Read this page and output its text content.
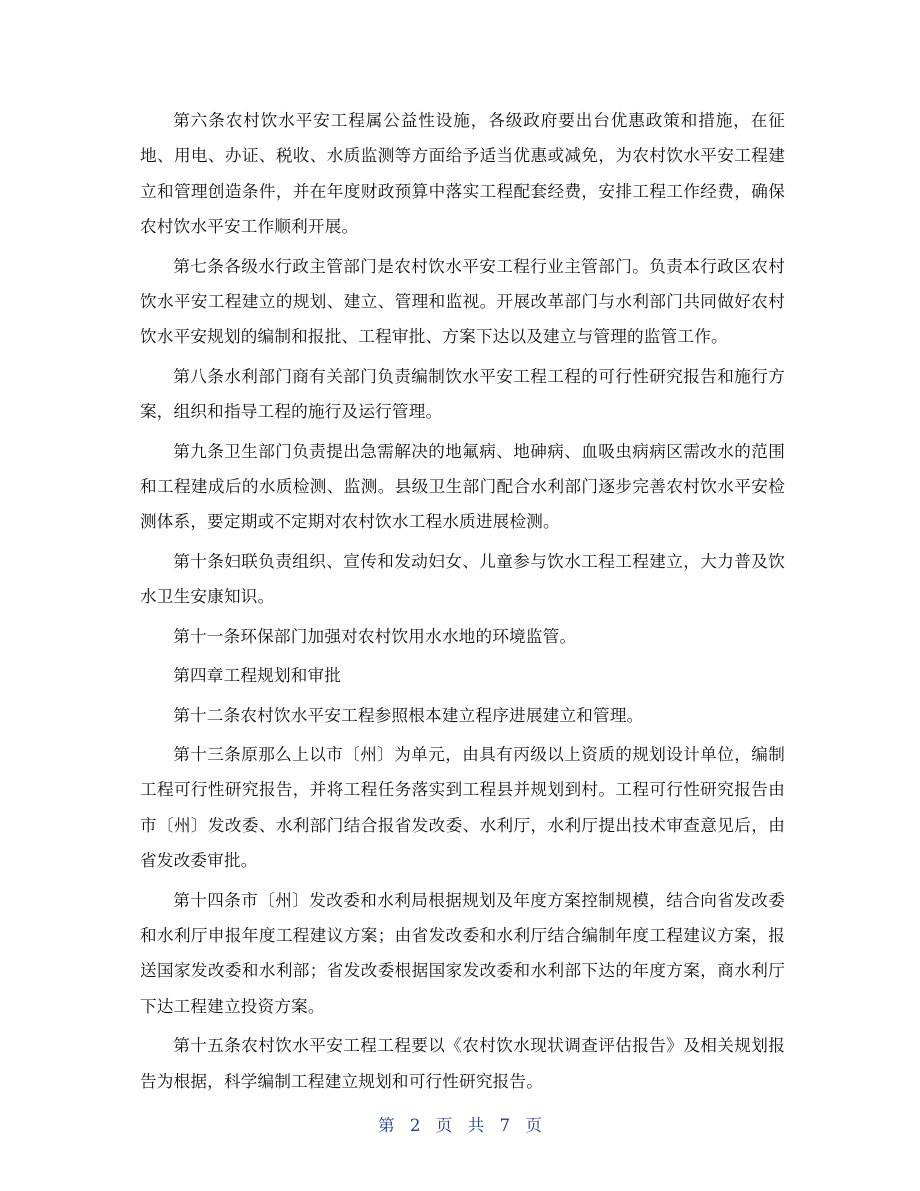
第六条农村饮水平安工程属公益性设施，各级政府要出台优惠政策和措施，在征地、用电、办证、税收、水质监测等方面给予适当优惠或减免，为农村饮水平安工程建立和管理创造条件，并在年度财政预算中落实工程配套经费，安排工程工作经费，确保农村饮水平安工作顺利开展。

第七条各级水行政主管部门是农村饮水平安工程行业主管部门。负责本行政区农村饮水平安工程建立的规划、建立、管理和监视。开展改革部门与水利部门共同做好农村饮水平安规划的编制和报批、工程审批、方案下达以及建立与管理的监管工作。

第八条水利部门商有关部门负责编制饮水平安工程工程的可行性研究报告和施行方案，组织和指导工程的施行及运行管理。

第九条卫生部门负责提出急需解决的地氟病、地砷病、血吸虫病病区需改水的范围和工程建成后的水质检测、监测。县级卫生部门配合水利部门逐步完善农村饮水平安检测体系，要定期或不定期对农村饮水工程水质进展检测。

第十条妇联负责组织、宣传和发动妇女、儿童参与饮水工程工程建立，大力普及饮水卫生安康知识。

第十一条环保部门加强对农村饮用水水地的环境监管。

第四章工程规划和审批

第十二条农村饮水平安工程参照根本建立程序进展建立和管理。

第十三条原那么上以市〔州〕为单元，由具有丙级以上资质的规划设计单位，编制工程可行性研究报告，并将工程任务落实到工程县并规划到村。工程可行性研究报告由市〔州〕发改委、水利部门结合报省发改委、水利厅，水利厅提出技术审查意见后，由省发改委审批。

第十四条市〔州〕发改委和水利局根据规划及年度方案控制规模，结合向省发改委和水利厅申报年度工程建议方案；由省发改委和水利厅结合编制年度工程建议方案，报送国家发改委和水利部；省发改委根据国家发改委和水利部下达的年度方案，商水利厅下达工程建立投资方案。

第十五条农村饮水平安工程工程要以《农村饮水现状调查评估报告》及相关规划报告为根据，科学编制工程建立规划和可行性研究报告。

第 2 页 共 7 页
